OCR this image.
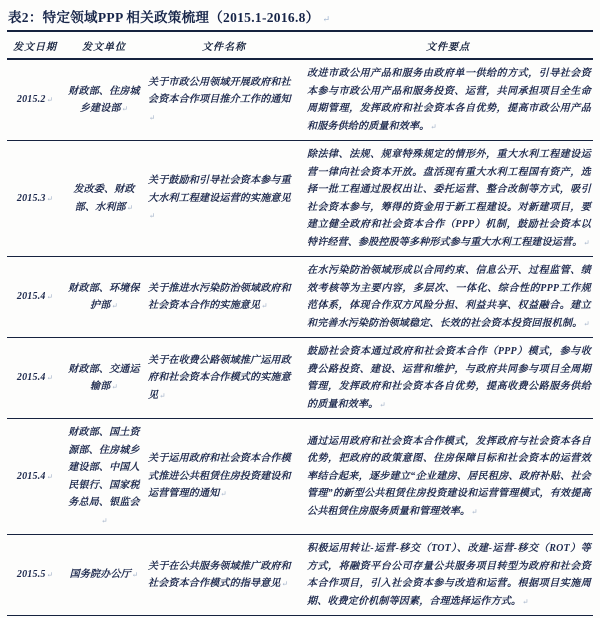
表2：特定领域PPP 相关政策梳理（2015.1-2016.8） ↵
发文日期	发文单位	文件名称	文件要点
2015.2↵	财政部、住房城乡建设部↵	关于市政公用领域开展政府和社会资本合作项目推介工作的通知↵	改进市政公用产品和服务由政府单一供给的方式，引导社会资本参与市政公用产品和服务投资、运营，共同承担项目全生命周期管理，发挥政府和社会资本各自优势，提高市政公用产品和服务供给的质量和效率。↵
2015.3↵	发改委、财政部、水利部↵	关于鼓励和引导社会资本参与重大水利工程建设运营的实施意见↵	除法律、法规、规章特殊规定的情形外，重大水利工程建设运营一律向社会资本开放。盘活现有重大水利工程国有资产，选择一批工程通过股权出让、委托运营、整合改制等方式，吸引社会资本参与，筹得的资金用于新工程建设。对新建项目，要建立健全政府和社会资本合作（PPP）机制，鼓励社会资本以特许经营、参股控股等多种形式参与重大水利工程建设运营。↵
2015.4↵	财政部、环境保护部↵	关于推进水污染防治领域政府和社会资本合作的实施意见↵	在水污染防治领域形成以合同约束、信息公开、过程监管、绩效考核等为主要内容，多层次、一体化、综合性的PPP工作规范体系，体现合作双方风险分担、利益共享、权益融合。建立和完善水污染防治领域稳定、长效的社会资本投资回报机制。↵
2015.4↵	财政部、交通运输部↵	关于在收费公路领域推广运用政府和社会资本合作模式的实施意见↵	鼓励社会资本通过政府和社会资本合作（PPP）模式，参与收费公路投资、建设、运营和维护，与政府共同参与项目全周期管理，发挥政府和社会资本各自优势，提高收费公路服务供给的质量和效率。↵
2015.4↵	财政部、国土资源部、住房城乡建设部、中国人民银行、国家税务总局、银监会↵	关于运用政府和社会资本合作模式推进公共租赁住房投资建设和运营管理的通知↵	通过运用政府和社会资本合作模式，发挥政府与社会资本各自优势，把政府的政策意图、住房保障目标和社会资本的运营效率结合起来，逐步建立“企业建房、居民租房、政府补贴、社会管理”的新型公共租赁住房投资建设和运营管理模式，有效提高公共租赁住房服务质量和管理效率。↵
2015.5↵	国务院办公厅↵	关于在公共服务领域推广政府和社会资本合作模式的指导意见↵	积极运用转让-运营-移交（TOT）、改建-运营-移交（ROT）等方式，将融资平台公司存量公共服务项目转型为政府和社会资本合作项目，引入社会资本参与改造和运营。根据项目实施周期、收费定价机制等因素，合理选择运作方式。↵
